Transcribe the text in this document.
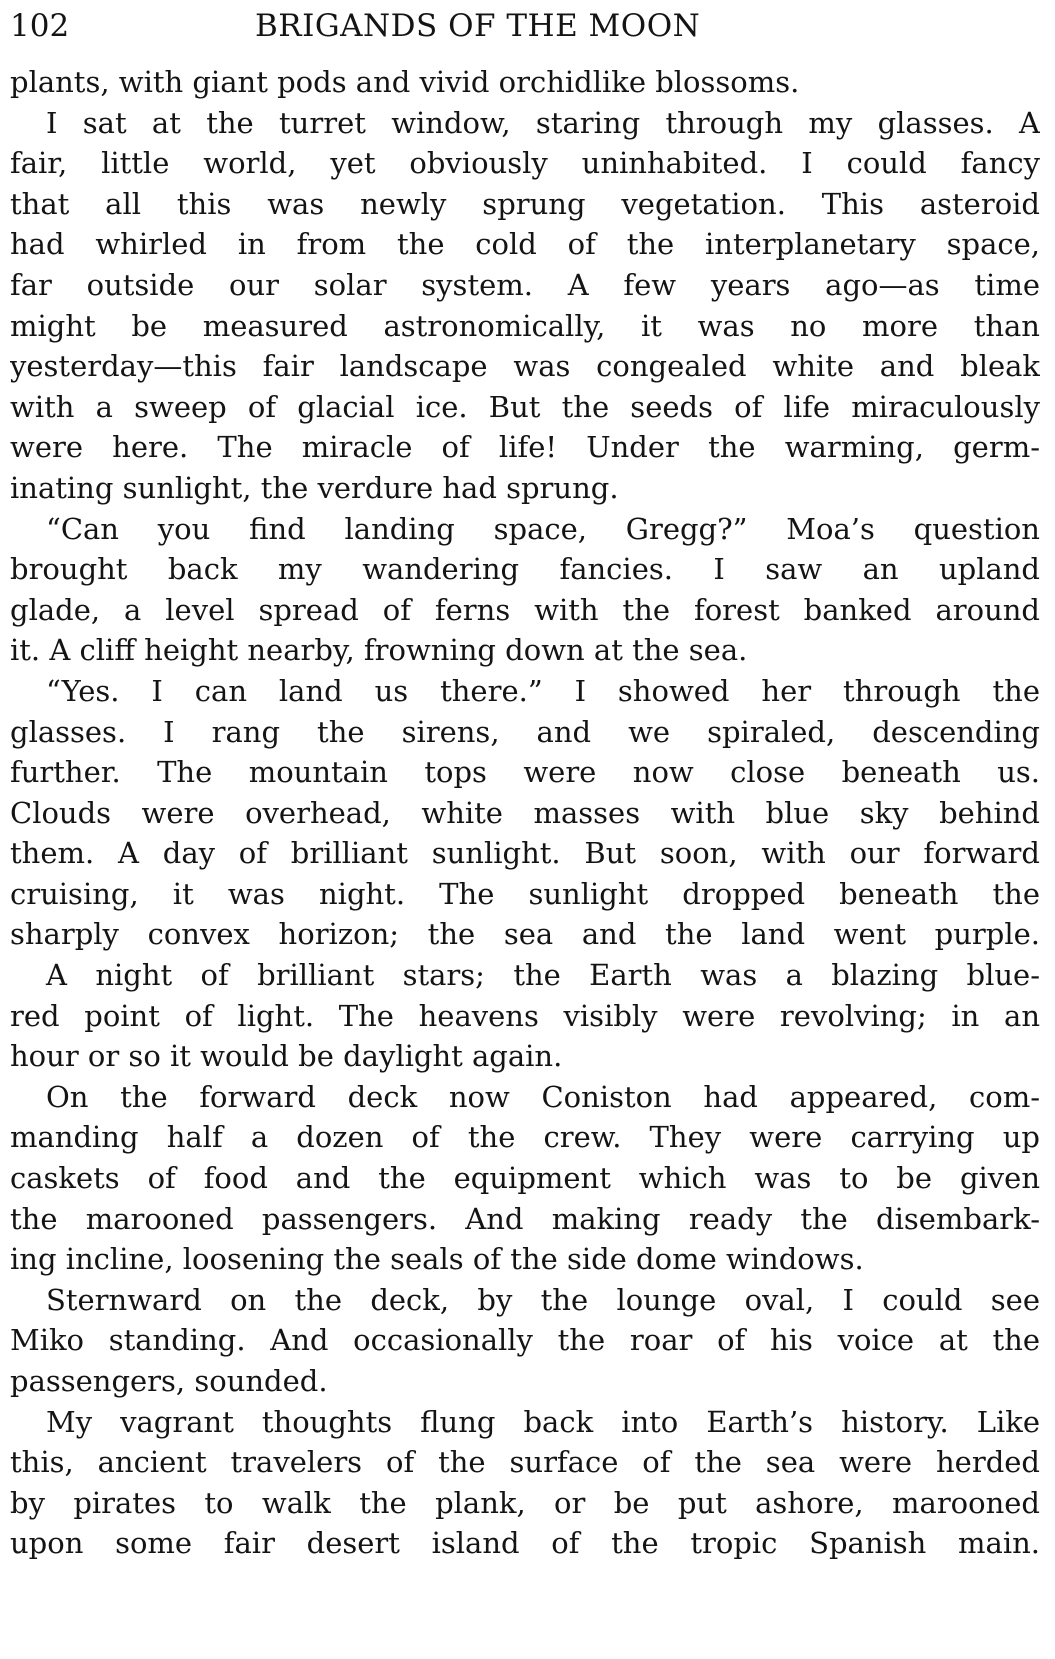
102	BRIGANDS OF THE MOON
plants, with giant pods and vivid orchidlike blossoms.
I sat at the turret window, staring through my glasses. A
fair, little world, yet obviously uninhabited. I could fancy
that all this was newly sprung vegetation. This asteroid
had whirled in from the cold of the interplanetary space,
far outside our solar system. A few years ago—as time
might be measured astronomically, it was no more than
yesterday—this fair landscape was congealed white and bleak
with a sweep of glacial ice. But the seeds of life miraculously
were here. The miracle of life! Under the warming, germ-
inating sunlight, the verdure had sprung.
“Can you find landing space, Gregg?” Moa’s question
brought back my wandering fancies. I saw an upland
glade, a level spread of ferns with the forest banked around
it. A cliff height nearby, frowning down at the sea.
“Yes. I can land us there.” I showed her through the
glasses. I rang the sirens, and we spiraled, descending
further. The mountain tops were now close beneath us.
Clouds were overhead, white masses with blue sky behind
them. A day of brilliant sunlight. But soon, with our forward
cruising, it was night. The sunlight dropped beneath the
sharply convex horizon; the sea and the land went purple.
A night of brilliant stars; the Earth was a blazing blue-
red point of light. The heavens visibly were revolving; in an
hour or so it would be daylight again.
On the forward deck now Coniston had appeared, com-
manding half a dozen of the crew. They were carrying up
caskets of food and the equipment which was to be given
the marooned passengers. And making ready the disembark-
ing incline, loosening the seals of the side dome windows.
Sternward on the deck, by the lounge oval, I could see
Miko standing. And occasionally the roar of his voice at the
passengers, sounded.
My vagrant thoughts flung back into Earth’s history. Like
this, ancient travelers of the surface of the sea were herded
by pirates to walk the plank, or be put ashore, marooned
upon some fair desert island of the tropic Spanish main.
